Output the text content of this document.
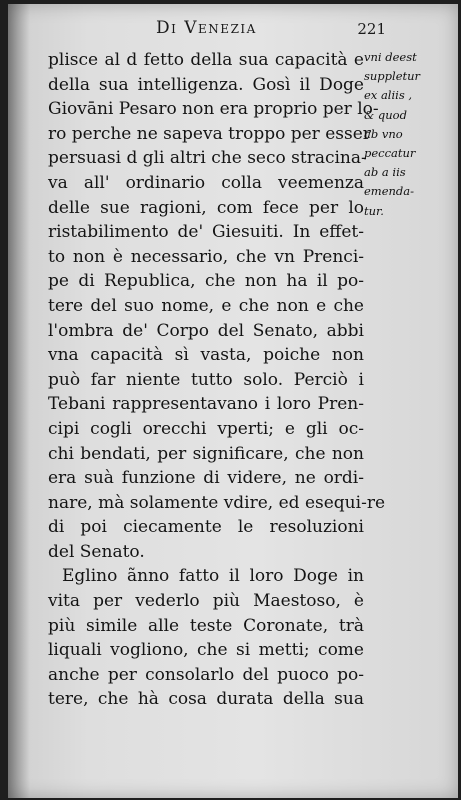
Di Venezia	221
plisce al d fetto della sua capacità e
della sua intelligenza. Gosì il Doge
Giovāni Pesaro non era proprio per lo-
ro perche ne sapeva troppo per esser
persuasi d gli altri che seco stracina-
va all' ordinario colla veemenza
delle sue ragioni, com fece per lo
ristabilimento de' Giesuiti. In effet-
to non è necessario, che vn Prenci-
pe di Republica, che non ha il po-
tere del suo nome, e che non e che
l'ombra de' Corpo del Senato, abbi
vna capacità sì vasta, poiche non
può far niente tutto solo. Perciò i
Tebani rappresentavano i loro Pren-
cipi cogli orecchi vperti; e gli oc-
chi bendati, per significare, che non
era suà funzione di videre, ne ordi-
nare, mà solamente vdire, ed esequi-re
di poi ciecamente le resoluzioni
del Senato.
Eglino ãnno fatto il loro Doge in
vita per vederlo più Maestoso, è
più simile alle teste Coronate, trà
liquali vogliono, che si metti; come
anche per consolarlo del puoco po-
tere, che hà cosa durata della sua
vni deest
suppletur
ex aliis ,
& quod
ab vno
peccatur
ab a iis
emenda-
tur.
